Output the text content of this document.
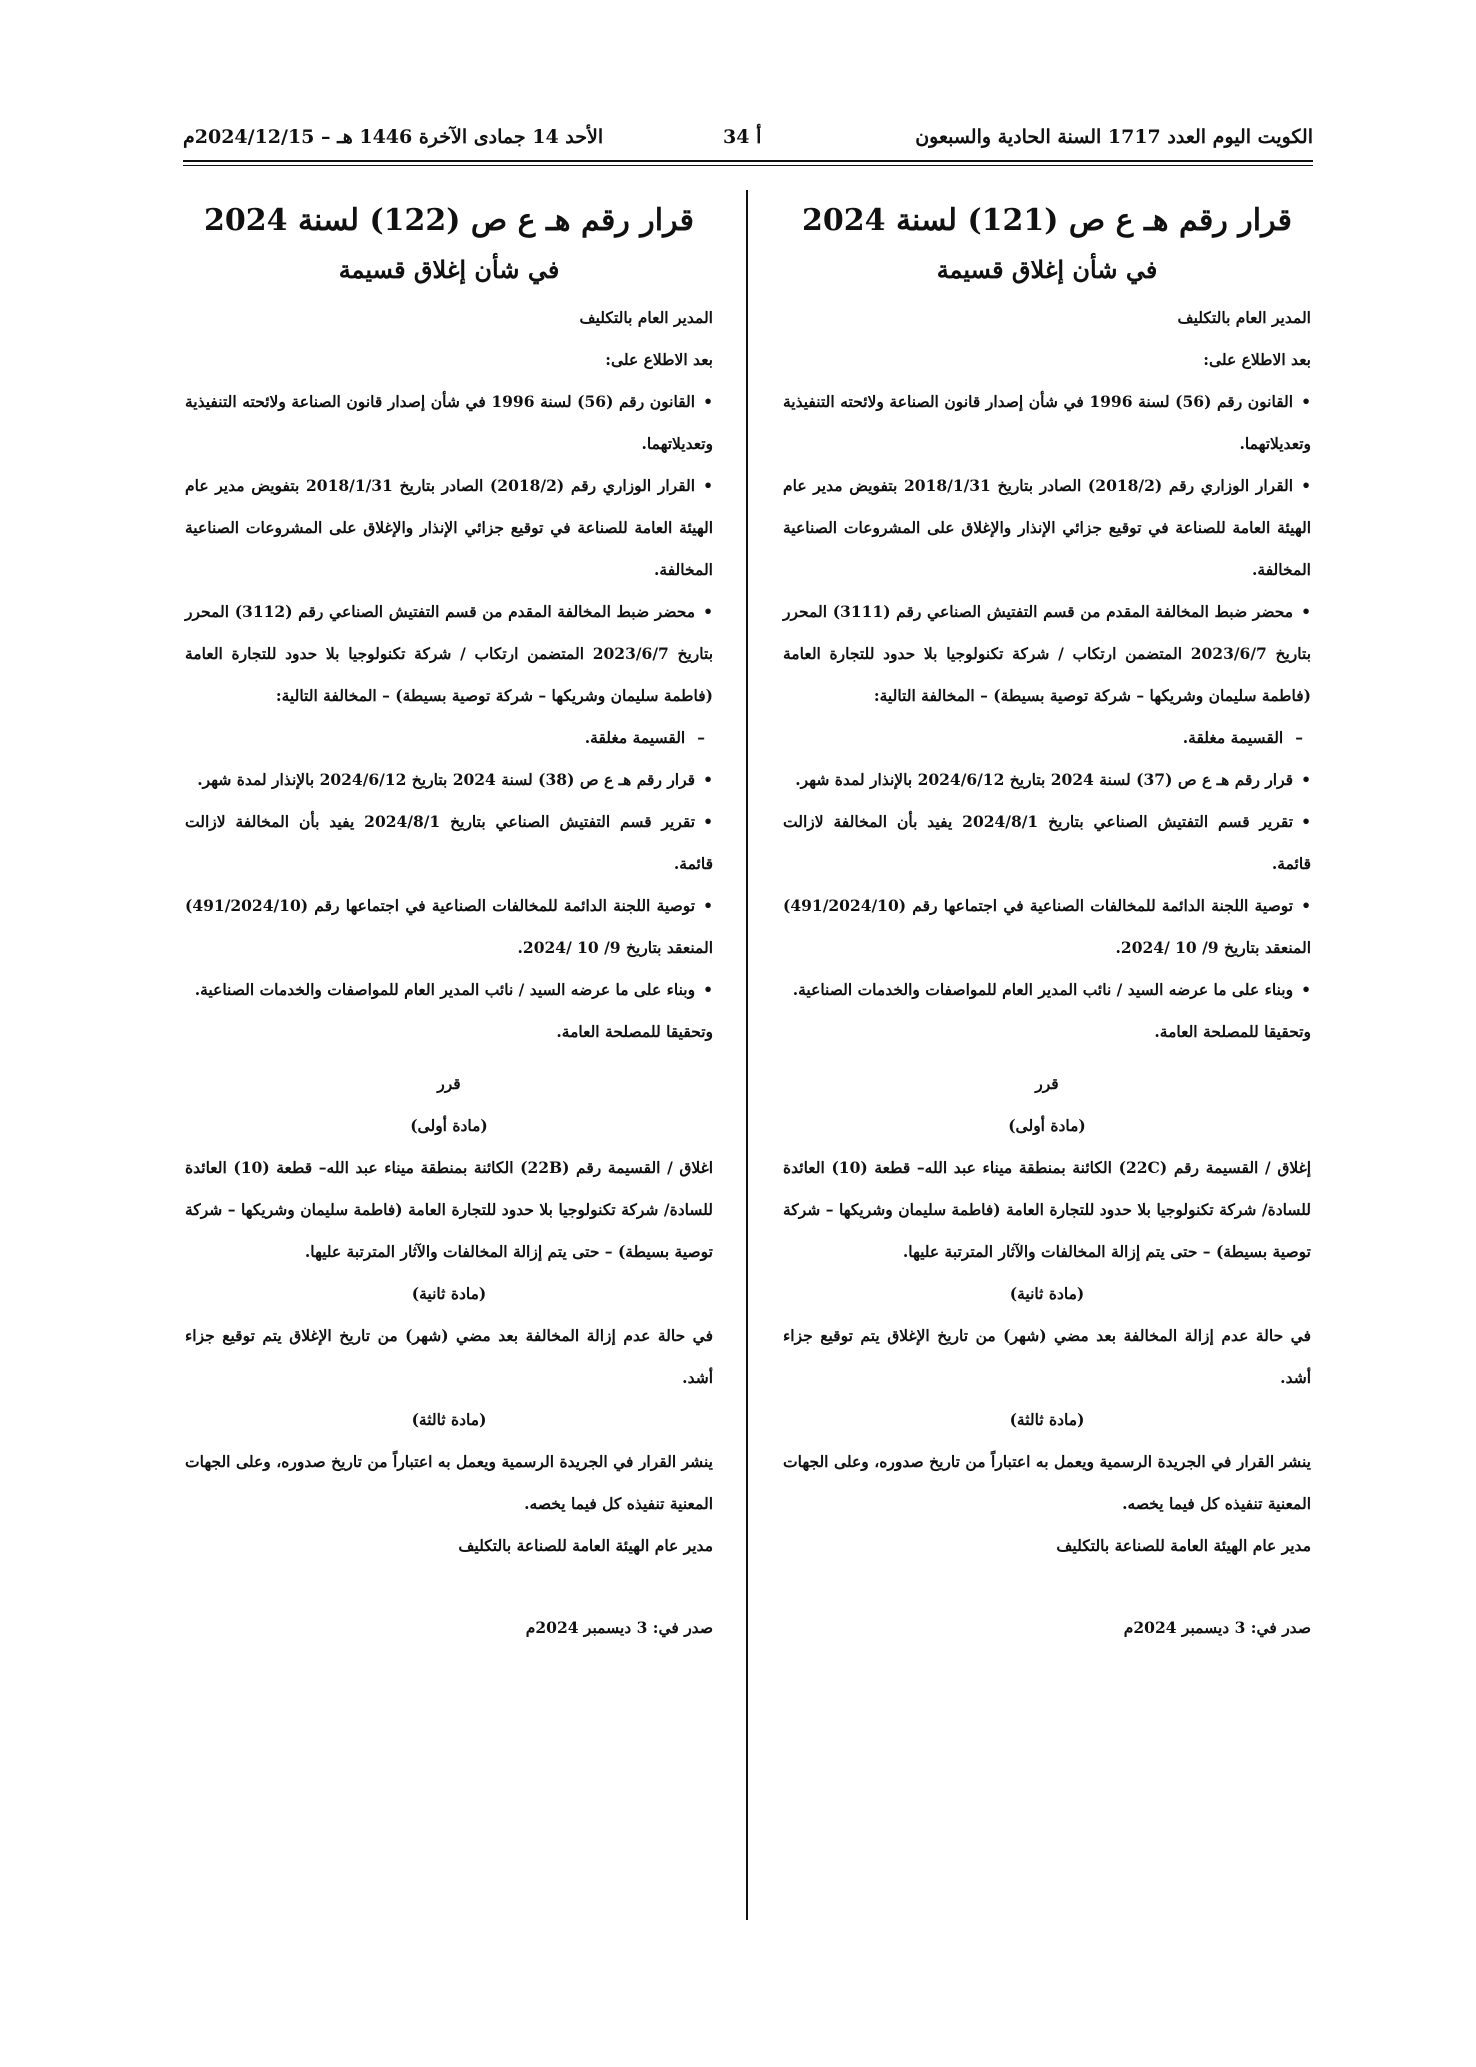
الأحد 14 جمادى الآخرة 1446 هـ – 2024/12/15م	أ 34	الكويت اليوم العدد 1717 السنة الحادية والسبعون

قرار رقم هـ ع ص (121) لسنة 2024

في شأن إغلاق قسيمة

المدير العام بالتكليف

بعد الاطلاع على:

• القانون رقم (56) لسنة 1996 في شأن إصدار قانون الصناعة ولائحته التنفيذية وتعديلاتهما.

• القرار الوزاري رقم (2018/2) الصادر بتاريخ 2018/1/31 بتفويض مدير عام الهيئة العامة للصناعة في توقيع جزائي الإنذار والإغلاق على المشروعات الصناعية المخالفة.

• محضر ضبط المخالفة المقدم من قسم التفتيش الصناعي رقم (3111) المحرر بتاريخ 2023/6/7 المتضمن ارتكاب / شركة تكنولوجيا بلا حدود للتجارة العامة (فاطمة سليمان وشريكها – شركة توصية بسيطة) – المخالفة التالية:

– القسيمة مغلقة.

• قرار رقم هـ ع ص (37) لسنة 2024 بتاريخ 2024/6/12 بالإنذار لمدة شهر.

• تقرير قسم التفتيش الصناعي بتاريخ 2024/8/1 يفيد بأن المخالفة لازالت قائمة.

• توصية اللجنة الدائمة للمخالفات الصناعية في اجتماعها رقم (491/2024/10) المنعقد بتاريخ 9/ 10 /2024.

• وبناء على ما عرضه السيد / نائب المدير العام للمواصفات والخدمات الصناعية.

وتحقيقا للمصلحة العامة.

قرر

(مادة أولى)

إغلاق / القسيمة رقم (22C) الكائنة بمنطقة ميناء عبد الله– قطعة (10) العائدة للسادة/ شركة تكنولوجيا بلا حدود للتجارة العامة (فاطمة سليمان وشريكها – شركة توصية بسيطة) – حتى يتم إزالة المخالفات والآثار المترتبة عليها.

(مادة ثانية)

في حالة عدم إزالة المخالفة بعد مضي (شهر) من تاريخ الإغلاق يتم توقيع جزاء أشد.

(مادة ثالثة)

ينشر القرار في الجريدة الرسمية ويعمل به اعتباراً من تاريخ صدوره، وعلى الجهات المعنية تنفيذه كل فيما يخصه.

مدير عام الهيئة العامة للصناعة بالتكليف

صدر في: 3 ديسمبر 2024م

قرار رقم هـ ع ص (122) لسنة 2024

في شأن إغلاق قسيمة

المدير العام بالتكليف

بعد الاطلاع على:

• القانون رقم (56) لسنة 1996 في شأن إصدار قانون الصناعة ولائحته التنفيذية وتعديلاتهما.

• القرار الوزاري رقم (2018/2) الصادر بتاريخ 2018/1/31 بتفويض مدير عام الهيئة العامة للصناعة في توقيع جزائي الإنذار والإغلاق على المشروعات الصناعية المخالفة.

• محضر ضبط المخالفة المقدم من قسم التفتيش الصناعي رقم (3112) المحرر بتاريخ 2023/6/7 المتضمن ارتكاب / شركة تكنولوجيا بلا حدود للتجارة العامة (فاطمة سليمان وشريكها – شركة توصية بسيطة) – المخالفة التالية:

– القسيمة مغلقة.

• قرار رقم هـ ع ص (38) لسنة 2024 بتاريخ 2024/6/12 بالإنذار لمدة شهر.

• تقرير قسم التفتيش الصناعي بتاريخ 2024/8/1 يفيد بأن المخالفة لازالت قائمة.

• توصية اللجنة الدائمة للمخالفات الصناعية في اجتماعها رقم (491/2024/10) المنعقد بتاريخ 9/ 10 /2024.

• وبناء على ما عرضه السيد / نائب المدير العام للمواصفات والخدمات الصناعية.

وتحقيقا للمصلحة العامة.

قرر

(مادة أولى)

اغلاق / القسيمة رقم (22B) الكائنة بمنطقة ميناء عبد الله– قطعة (10) العائدة للسادة/ شركة تكنولوجيا بلا حدود للتجارة العامة (فاطمة سليمان وشريكها – شركة توصية بسيطة) – حتى يتم إزالة المخالفات والآثار المترتبة عليها.

(مادة ثانية)

في حالة عدم إزالة المخالفة بعد مضي (شهر) من تاريخ الإغلاق يتم توقيع جزاء أشد.

(مادة ثالثة)

ينشر القرار في الجريدة الرسمية ويعمل به اعتباراً من تاريخ صدوره، وعلى الجهات المعنية تنفيذه كل فيما يخصه.

مدير عام الهيئة العامة للصناعة بالتكليف

صدر في: 3 ديسمبر 2024م
